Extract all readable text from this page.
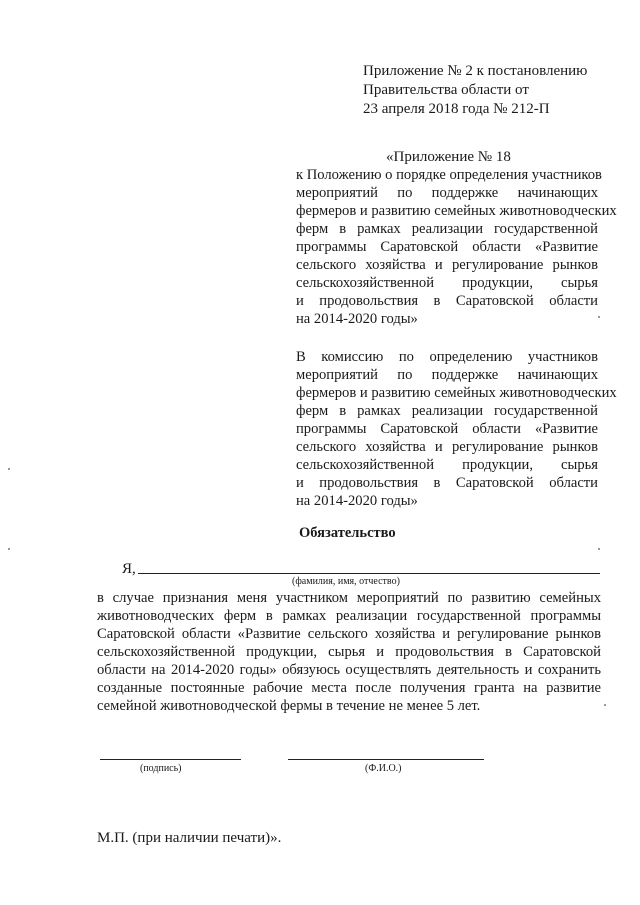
Приложение № 2 к постановлению
Правительства области от
23 апреля 2018 года № 212-П
«Приложение № 18
к Положению о порядке определения участников
мероприятий по поддержке начинающих
фермеров и развитию семейных животноводческих
ферм в рамках реализации государственной
программы Саратовской области «Развитие
сельского хозяйства и регулирование рынков
сельскохозяйственной продукции, сырья
и продовольствия в Саратовской области
на 2014-2020 годы»
В комиссию по определению участников
мероприятий по поддержке начинающих
фермеров и развитию семейных животноводческих
ферм в рамках реализации государственной
программы Саратовской области «Развитие
сельского хозяйства и регулирование рынков
сельскохозяйственной продукции, сырья
и продовольствия в Саратовской области
на 2014-2020 годы»
Обязательство
Я,
(фамилия, имя, отчество)
в случае признания меня участником мероприятий по развитию семейных
животноводческих ферм в рамках реализации государственной программы
Саратовской области «Развитие сельского хозяйства и регулирование рынков
сельскохозяйственной продукции, сырья и продовольствия в Саратовской
области на 2014-2020 годы» обязуюсь осуществлять деятельность и сохранить
созданные постоянные рабочие места после получения гранта на развитие
семейной животноводческой фермы в течение не менее 5 лет.
(подпись)	(Ф.И.О.)
М.П. (при наличии печати)».
